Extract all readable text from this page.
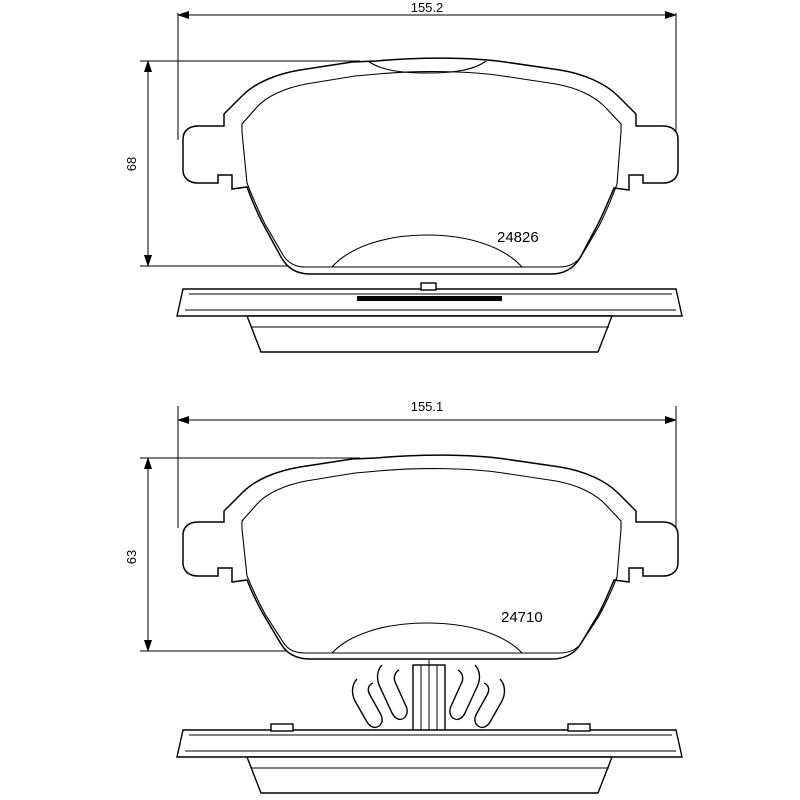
24826
155.2
68
24710
155.1
63
